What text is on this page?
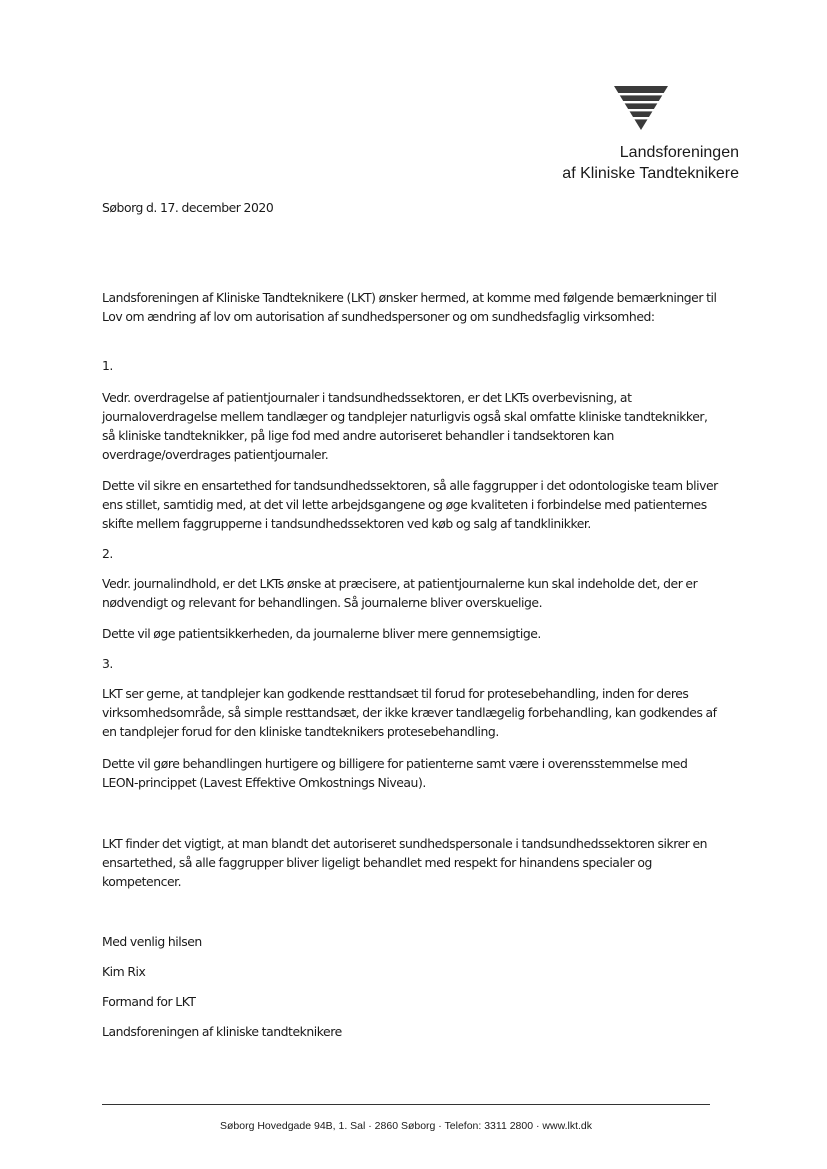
Landsforeningen
af Kliniske Tandteknikere
Søborg d. 17. december 2020
Landsforeningen af Kliniske Tandteknikere (LKT) ønsker hermed, at komme med følgende bemærkninger til Lov om ændring af lov om autorisation af sundhedspersoner og om sundhedsfaglig virksomhed:
1.
Vedr. overdragelse af patientjournaler i tandsundhedssektoren, er det LKTs overbevisning, at journaloverdragelse mellem tandlæger og tandplejer naturligvis også skal omfatte kliniske tandteknikker, så kliniske tandteknikker, på lige fod med andre autoriseret behandler i tandsektoren kan overdrage/overdrages patientjournaler.
Dette vil sikre en ensartethed for tandsundhedssektoren, så alle faggrupper i det odontologiske team bliver ens stillet, samtidig med, at det vil lette arbejdsgangene og øge kvaliteten i forbindelse med patienternes skifte mellem faggrupperne i tandsundhedssektoren ved køb og salg af tandklinikker.
2.
Vedr. journalindhold, er det LKTs ønske at præcisere, at patientjournalerne kun skal indeholde det, der er nødvendigt og relevant for behandlingen. Så journalerne bliver overskuelige.
Dette vil øge patientsikkerheden, da journalerne bliver mere gennemsigtige.
3.
LKT ser gerne, at tandplejer kan godkende resttandsæt til forud for protesebehandling, inden for deres virksomhedsområde, så simple resttandsæt, der ikke kræver tandlægelig forbehandling, kan godkendes af en tandplejer forud for den kliniske tandteknikers protesebehandling.
Dette vil gøre behandlingen hurtigere og billigere for patienterne samt være i overensstemmelse med LEON-princippet (Lavest Effektive Omkostnings Niveau).
LKT finder det vigtigt, at man blandt det autoriseret sundhedspersonale i tandsundhedssektoren sikrer en ensartethed, så alle faggrupper bliver ligeligt behandlet med respekt for hinandens specialer og kompetencer.
Med venlig hilsen
Kim Rix
Formand for LKT
Landsforeningen af kliniske tandteknikere
Søborg Hovedgade 94B, 1. Sal · 2860 Søborg · Telefon: 3311 2800 · www.lkt.dk
